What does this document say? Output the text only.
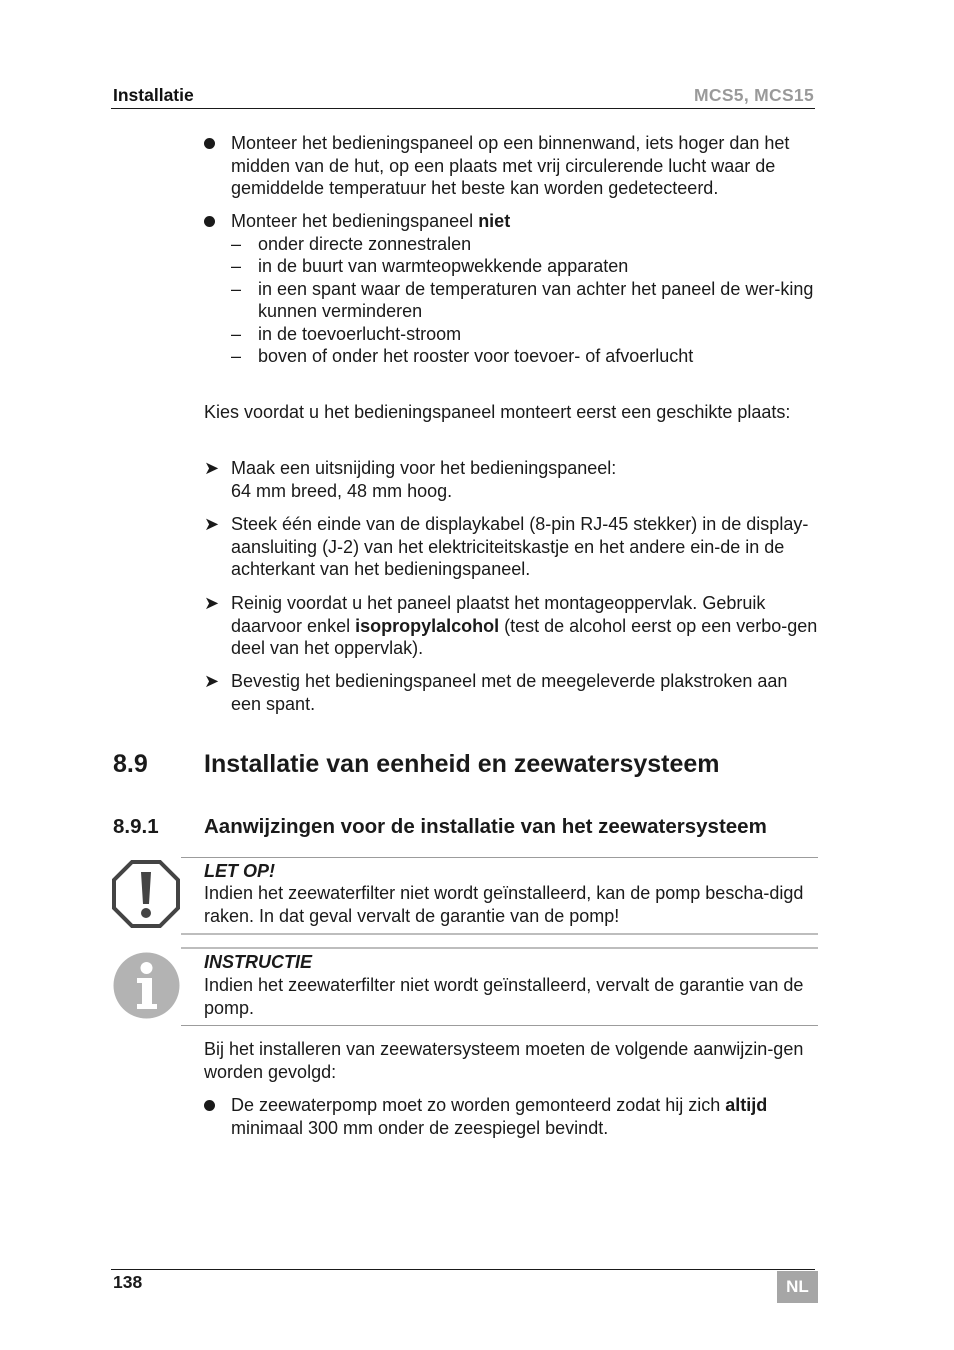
Installatie	MCS5, MCS15
Monteer het bedieningspaneel op een binnenwand, iets hoger dan het midden van de hut, op een plaats met vrij circulerende lucht waar de gemiddelde temperatuur het beste kan worden gedetecteerd.
Monteer het bedieningspaneel niet
– onder directe zonnestralen
– in de buurt van warmteopwekkende apparaten
– in een spant waar de temperaturen van achter het paneel de wer-king kunnen verminderen
– in de toevoerlucht-stroom
– boven of onder het rooster voor toevoer- of afvoerlucht
Kies voordat u het bedieningspaneel monteert eerst een geschikte plaats:
➤ Maak een uitsnijding voor het bedieningspaneel:
64 mm breed, 48 mm hoog.
➤ Steek één einde van de displaykabel (8-pin RJ-45 stekker) in de display-aansluiting (J-2) van het elektriciteitskastje en het andere ein-de in de achterkant van het bedieningspaneel.
➤ Reinig voordat u het paneel plaatst het montageoppervlak. Gebruik daarvoor enkel isopropylalcohol (test de alcohol eerst op een verbo-gen deel van het oppervlak).
➤ Bevestig het bedieningspaneel met de meegeleverde plakstroken aan een spant.
8.9 Installatie van eenheid en zeewatersysteem
8.9.1 Aanwijzingen voor de installatie van het zeewatersysteem
LET OP!
Indien het zeewaterfilter niet wordt geïnstalleerd, kan de pomp bescha-digd raken. In dat geval vervalt de garantie van de pomp!
INSTRUCTIE
Indien het zeewaterfilter niet wordt geïnstalleerd, vervalt de garantie van de pomp.
Bij het installeren van zeewatersysteem moeten de volgende aanwijzin-gen worden gevolgd:
De zeewaterpomp moet zo worden gemonteerd zodat hij zich altijd minimaal 300 mm onder de zeespiegel bevindt.
138	NL
